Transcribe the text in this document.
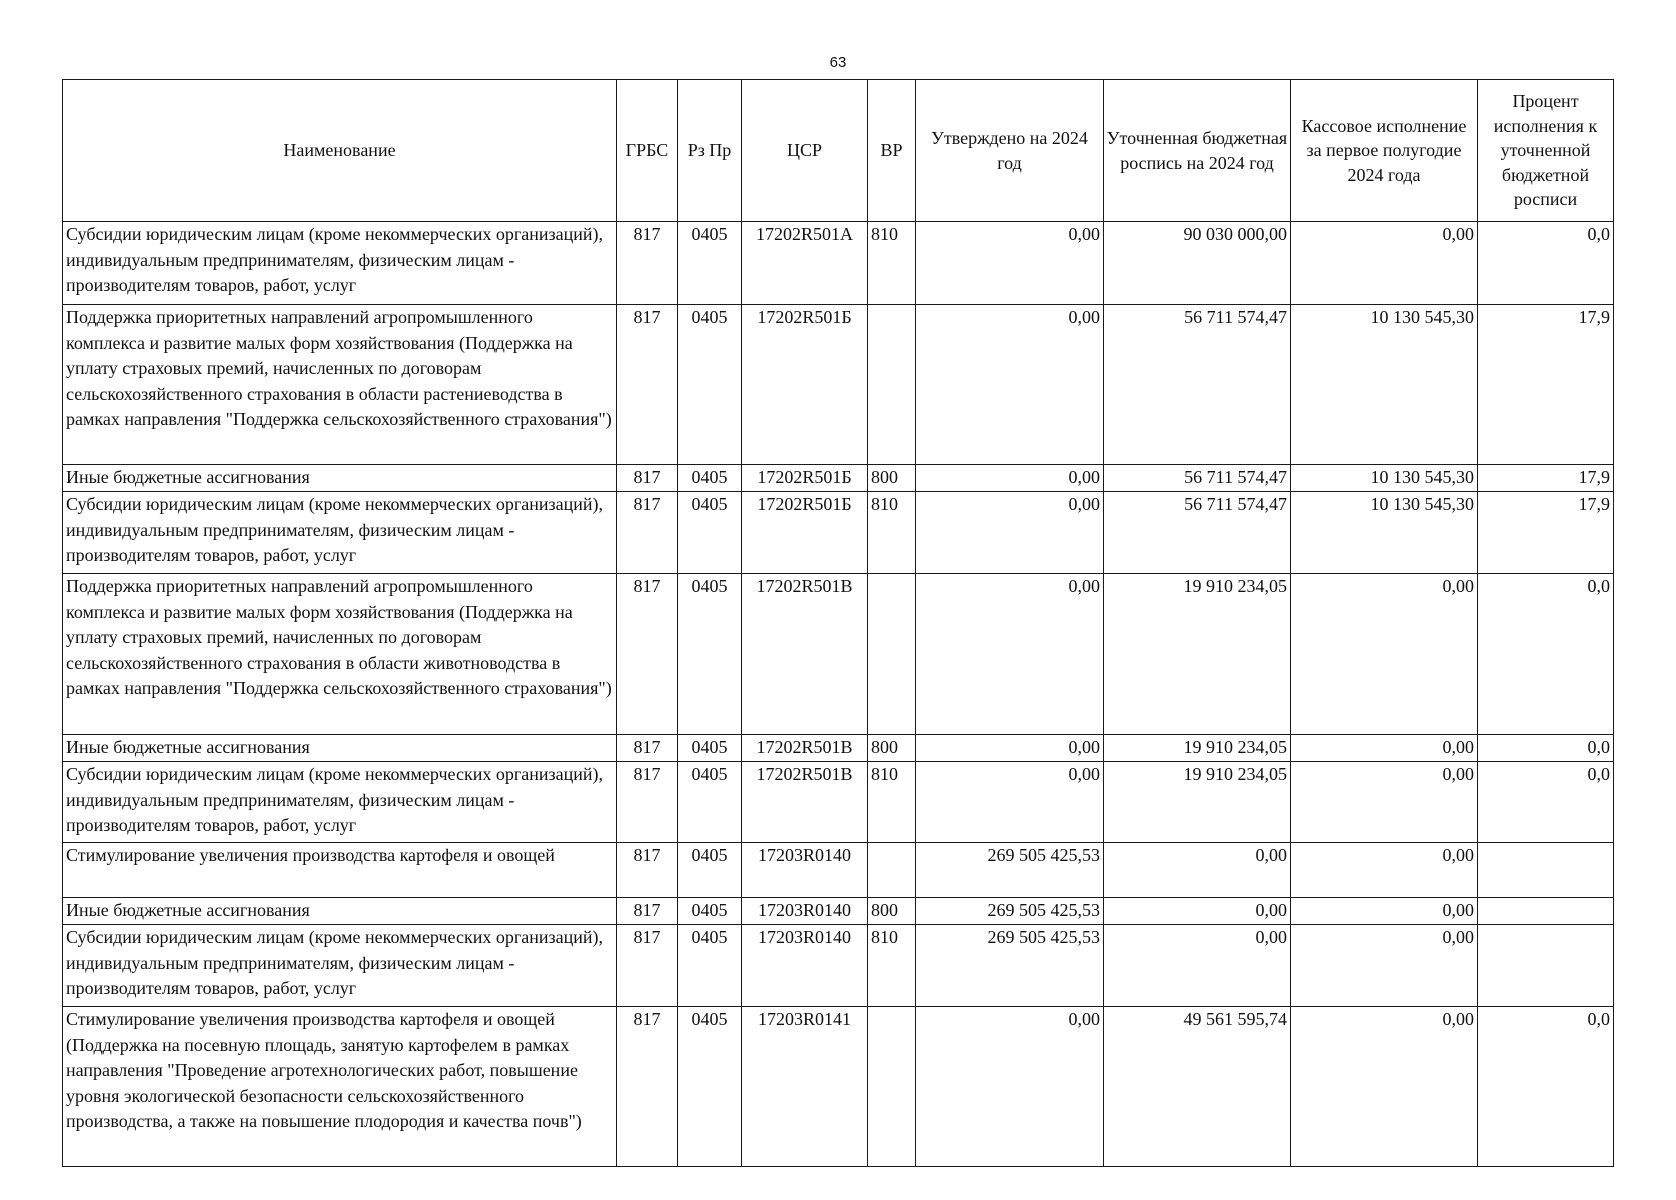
63
Наименование	ГРБС	Рз Пр	ЦСР	ВР	Утверждено на 2024 год	Уточненная бюджетная роспись на 2024 год	Кассовое исполнение за первое полугодие 2024 года	Процент исполнения к уточненной бюджетной росписи
Субсидии юридическим лицам (кроме некоммерческих организаций), индивидуальным предпринимателям, физическим лицам - производителям товаров, работ, услуг	817	0405	17202R501А	810	0,00	90 030 000,00	0,00	0,0
Поддержка приоритетных направлений агропромышленного комплекса и развитие малых форм хозяйствования (Поддержка на уплату страховых премий, начисленных по договорам сельскохозяйственного страхования в области растениеводства в рамках направления "Поддержка сельскохозяйственного страхования")	817	0405	17202R501Б		0,00	56 711 574,47	10 130 545,30	17,9
Иные бюджетные ассигнования	817	0405	17202R501Б	800	0,00	56 711 574,47	10 130 545,30	17,9
Субсидии юридическим лицам (кроме некоммерческих организаций), индивидуальным предпринимателям, физическим лицам - производителям товаров, работ, услуг	817	0405	17202R501Б	810	0,00	56 711 574,47	10 130 545,30	17,9
Поддержка приоритетных направлений агропромышленного комплекса и развитие малых форм хозяйствования (Поддержка на уплату страховых премий, начисленных по договорам сельскохозяйственного страхования в области животноводства в рамках направления "Поддержка сельскохозяйственного страхования")	817	0405	17202R501В		0,00	19 910 234,05	0,00	0,0
Иные бюджетные ассигнования	817	0405	17202R501В	800	0,00	19 910 234,05	0,00	0,0
Субсидии юридическим лицам (кроме некоммерческих организаций), индивидуальным предпринимателям, физическим лицам - производителям товаров, работ, услуг	817	0405	17202R501В	810	0,00	19 910 234,05	0,00	0,0
Стимулирование увеличения производства картофеля и овощей	817	0405	17203R0140		269 505 425,53	0,00	0,00	
Иные бюджетные ассигнования	817	0405	17203R0140	800	269 505 425,53	0,00	0,00	
Субсидии юридическим лицам (кроме некоммерческих организаций), индивидуальным предпринимателям, физическим лицам - производителям товаров, работ, услуг	817	0405	17203R0140	810	269 505 425,53	0,00	0,00	
Стимулирование увеличения производства картофеля и овощей (Поддержка на посевную площадь, занятую картофелем в рамках направления "Проведение агротехнологических работ, повышение уровня экологической безопасности сельскохозяйственного производства, а также на повышение плодородия и качества почв")	817	0405	17203R0141		0,00	49 561 595,74	0,00	0,0
